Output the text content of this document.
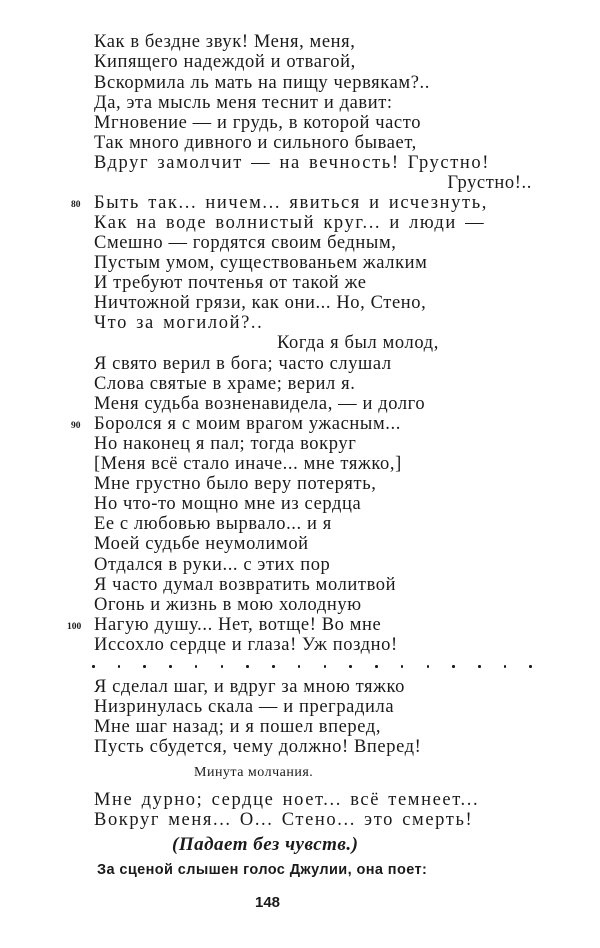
Как в бездне звук! Меня, меня,
Кипящего надеждой и отвагой,
Вскормила ль мать на пищу червякам?..
Да, эта мысль меня теснит и давит:
Мгновение — и грудь, в которой часто
Так много дивного и сильного бывает,
Вдруг замолчит — на вечность! Грустно!
Грустно!..
Быть так... ничем... явиться и исчезнуть,
80
Как на воде волнистый круг... и люди —
Смешно — гордятся своим бедным,
Пустым умом, существованьем жалким
И требуют почтенья от такой же
Ничтожной грязи, как они... Но, Стено,
Что за могилой?..
Когда я был молод,
Я свято верил в бога; часто слушал
Слова святые в храме; верил я.
Меня судьба возненавидела, — и долго
Боролся я с моим врагом ужасным...
90
Но наконец я пал; тогда вокруг
[Меня всё стало иначе... мне тяжко,]
Мне грустно было веру потерять,
Но что-то мощно мне из сердца
Ее с любовью вырвало... и я
Моей судьбе неумолимой
Отдался в руки... с этих пор
Я часто думал возвратить молитвой
Огонь и жизнь в мою холодную
Нагую душу... Нет, вотще! Во мне
100
Иссохло сердце и глаза! Уж поздно!
Я сделал шаг, и вдруг за мною тяжко
Низринулась скала — и преградила
Мне шаг назад; и я пошел вперед,
Пусть сбудется, чему должно! Вперед!
Минута молчания.
Мне дурно; сердце ноет... всё темнеет...
Вокруг меня... О... Стено... это смерть!
(Падает без чувств.)
За сценой слышен голос Джулии, она поет:
148
